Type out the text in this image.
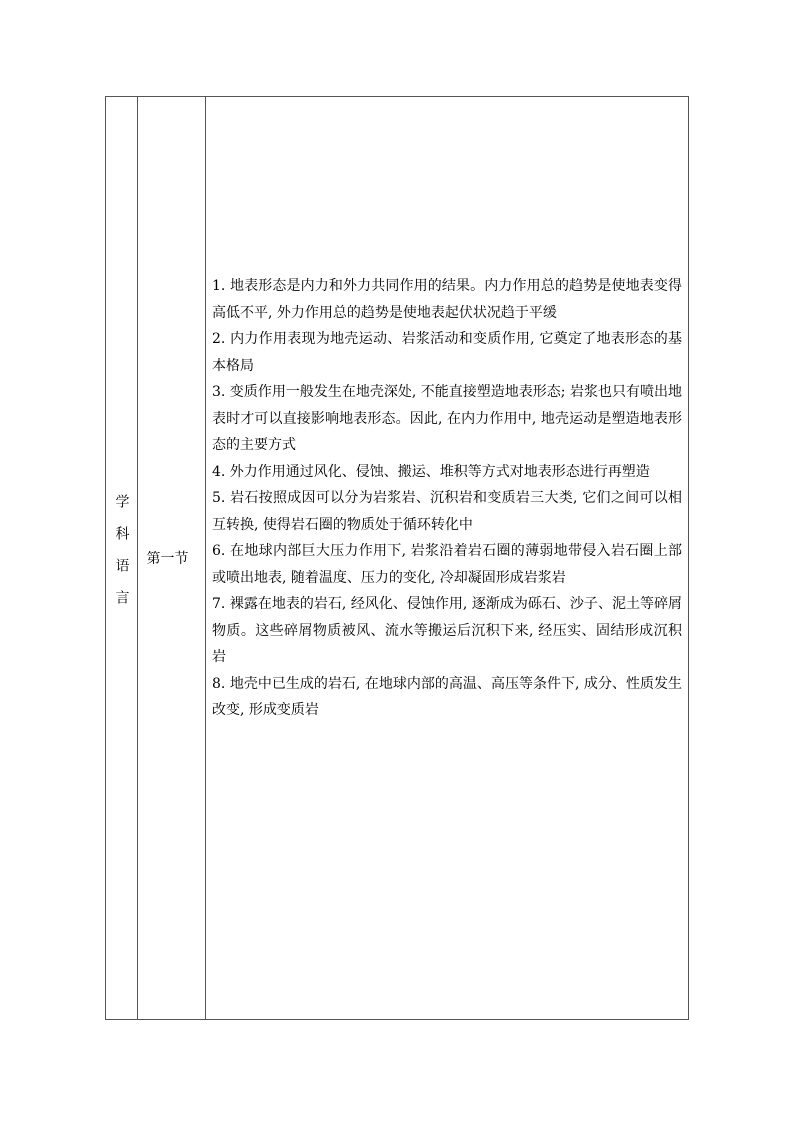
学科语言 第一节

1. 地表形态是内力和外力共同作用的结果。内力作用总的趋势是使地表变得高低不平, 外力作用总的趋势是使地表起伏状况趋于平缓

2. 内力作用表现为地壳运动、岩浆活动和变质作用, 它奠定了地表形态的基本格局

3. 变质作用一般发生在地壳深处, 不能直接塑造地表形态; 岩浆也只有喷出地表时才可以直接影响地表形态。因此, 在内力作用中, 地壳运动是塑造地表形态的主要方式

4. 外力作用通过风化、侵蚀、搬运、堆积等方式对地表形态进行再塑造

5. 岩石按照成因可以分为岩浆岩、沉积岩和变质岩三大类, 它们之间可以相互转换, 使得岩石圈的物质处于循环转化中

6. 在地球内部巨大压力作用下, 岩浆沿着岩石圈的薄弱地带侵入岩石圈上部或喷出地表, 随着温度、压力的变化, 冷却凝固形成岩浆岩

7. 裸露在地表的岩石, 经风化、侵蚀作用, 逐渐成为砾石、沙子、泥土等碎屑物质。这些碎屑物质被风、流水等搬运后沉积下来, 经压实、固结形成沉积岩

8. 地壳中已生成的岩石, 在地球内部的高温、高压等条件下, 成分、性质发生改变, 形成变质岩
